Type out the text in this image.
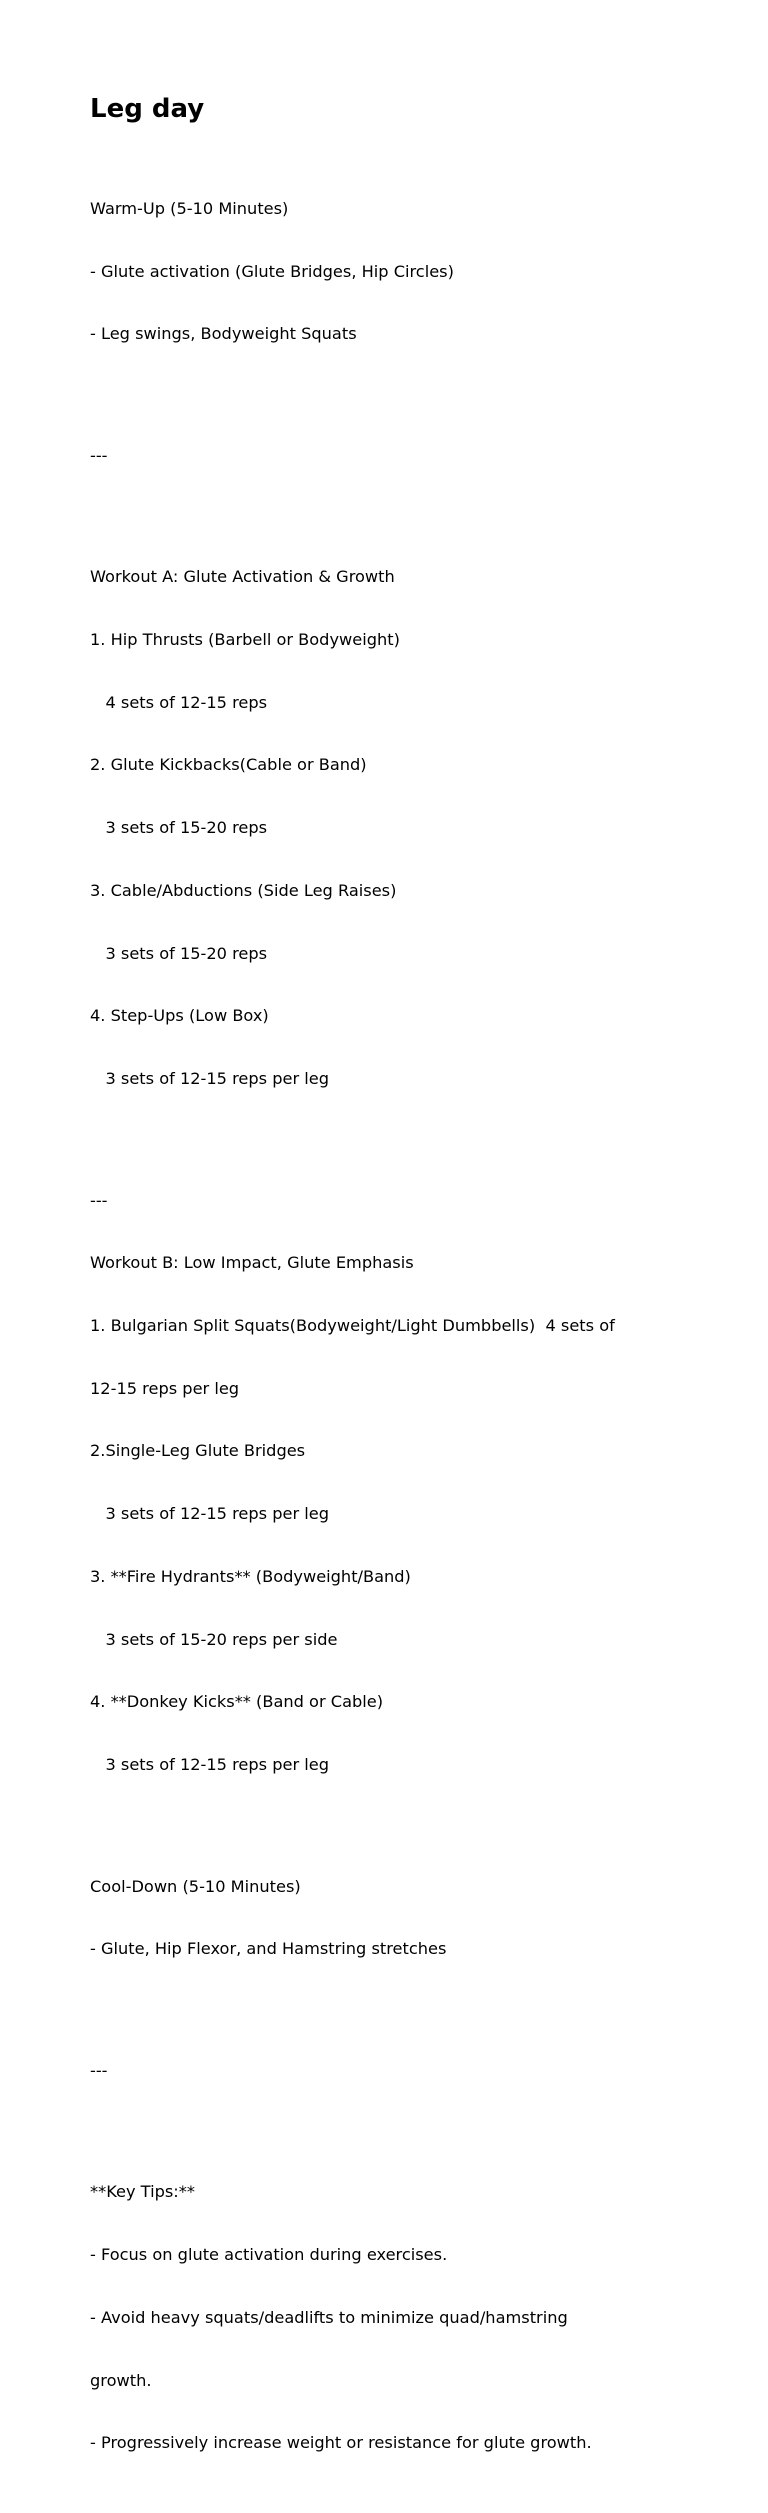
Leg day

Warm-Up (5-10 Minutes)

- Glute activation (Glute Bridges, Hip Circles)

- Leg swings, Bodyweight Squats

---

Workout A: Glute Activation & Growth

1. Hip Thrusts (Barbell or Bodyweight)

4 sets of 12-15 reps

2. Glute Kickbacks(Cable or Band)

3 sets of 15-20 reps

3. Cable/Abductions (Side Leg Raises)

3 sets of 15-20 reps

4. Step-Ups (Low Box)

3 sets of 12-15 reps per leg

---

Workout B: Low Impact, Glute Emphasis

1. Bulgarian Split Squats(Bodyweight/Light Dumbbells)  4 sets of

12-15 reps per leg

2.Single-Leg Glute Bridges

3 sets of 12-15 reps per leg

3. **Fire Hydrants** (Bodyweight/Band)

3 sets of 15-20 reps per side

4. **Donkey Kicks** (Band or Cable)

3 sets of 12-15 reps per leg

Cool-Down (5-10 Minutes)

- Glute, Hip Flexor, and Hamstring stretches

---

**Key Tips:**

- Focus on glute activation during exercises.

- Avoid heavy squats/deadlifts to minimize quad/hamstring

growth.

- Progressively increase weight or resistance for glute growth.
